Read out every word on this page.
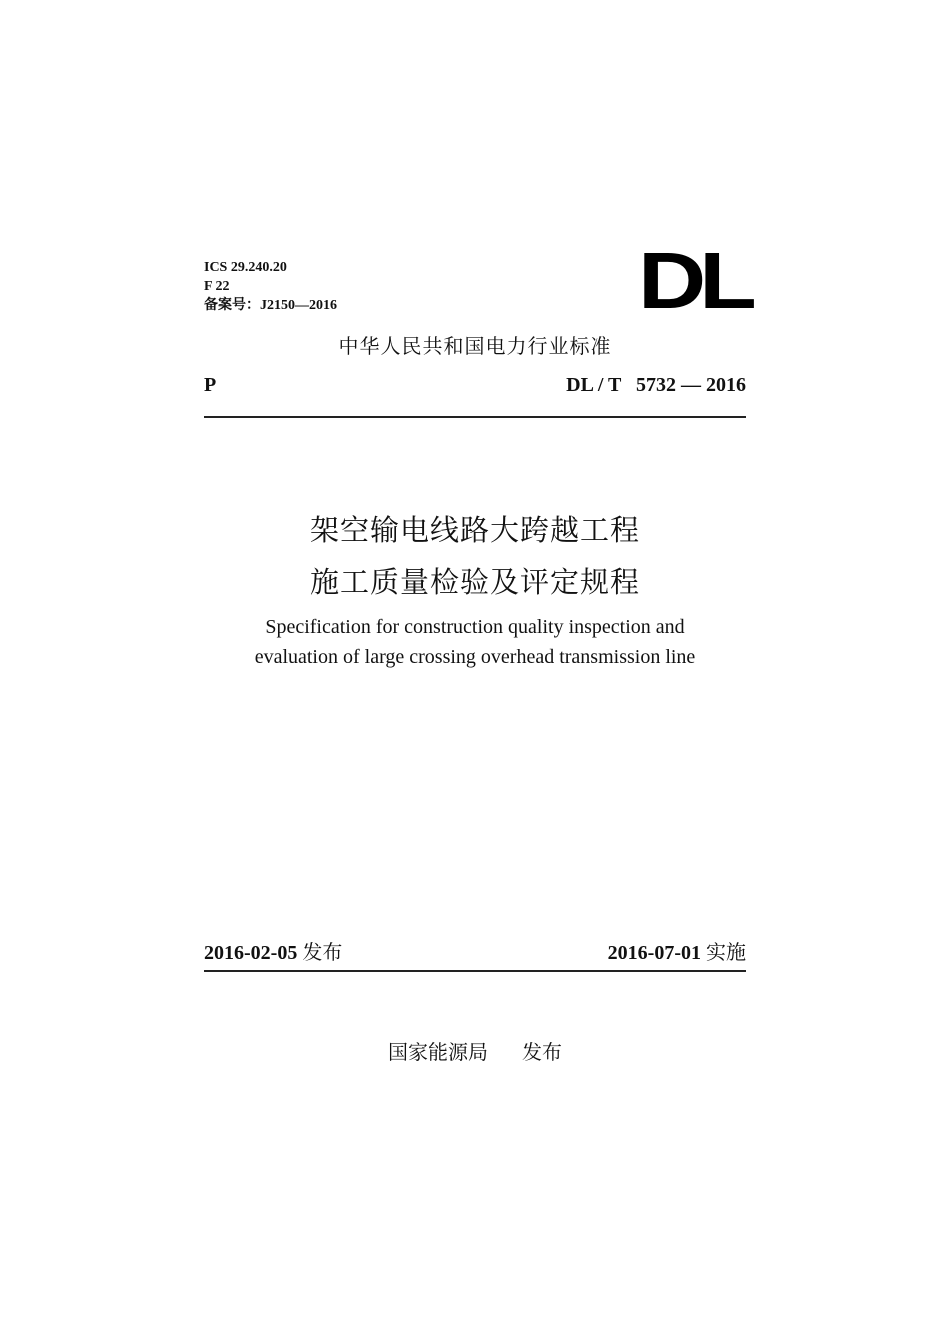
ICS 29.240.20
F 22
备案号：J2150—2016	DL
中华人民共和国电力行业标准
P	DL / T   5732 — 2016
架空输电线路大跨越工程
施工质量检验及评定规程
Specification for construction quality inspection and
evaluation of large crossing overhead transmission line
2016-02-05 发布	2016-07-01 实施
国家能源局 发布
